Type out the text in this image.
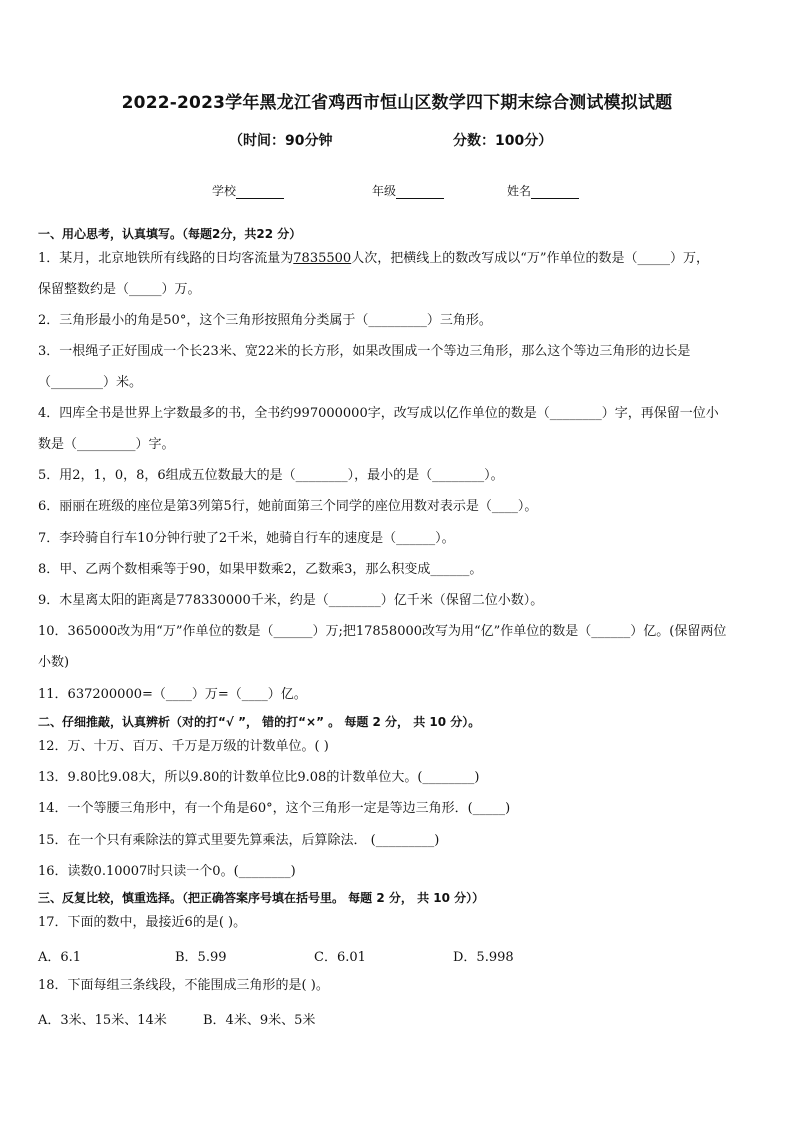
2022-2023学年黑龙江省鸡西市恒山区数学四下期末综合测试模拟试题
（时间：90分钟	分数：100分）
学校	年级	姓名
一、用心思考，认真填写。（每题2分，共22 分）
1．某月，北京地铁所有线路的日均客流量为7835500人次，把横线上的数改写成以“万”作单位的数是（_____）万，
保留整数约是（_____）万。
2．三角形最小的角是50°，这个三角形按照角分类属于（_________）三角形。
3．一根绳子正好围成一个长23米、宽22米的长方形，如果改围成一个等边三角形，那么这个等边三角形的边长是
（________）米。
4．四库全书是世界上字数最多的书，全书约997000000字，改写成以亿作单位的数是（________）字，再保留一位小
数是（_________）字。
5．用2，1，0，8，6组成五位数最大的是（________），最小的是（________）。
6．丽丽在班级的座位是第3列第5行，她前面第三个同学的座位用数对表示是（____）。
7．李玲骑自行车10分钟行驶了2千米，她骑自行车的速度是（______）。
8．甲、乙两个数相乘等于90，如果甲数乘2，乙数乘3，那么积变成______。
9．木星离太阳的距离是778330000千米，约是（________）亿千米（保留二位小数）。
10．365000改为用“万”作单位的数是（______）万;把17858000改写为用“亿”作单位的数是（______）亿。(保留两位
小数)
11．637200000=（____）万=（____）亿。
二、仔细推敲，认真辨析（对的打“√ ”， 错的打“×” 。 每题 2 分， 共 10 分）。
12．万、十万、百万、千万是万级的计数单位。( )
13．9.80比9.08大，所以9.80的计数单位比9.08的计数单位大。(________)
14．一个等腰三角形中，有一个角是60°，这个三角形一定是等边三角形．(_____)
15．在一个只有乘除法的算式里要先算乘法，后算除法． (_________)
16．读数0.10007时只读一个0。(________)
三、反复比较，慎重选择。（把正确答案序号填在括号里。 每题 2 分， 共 10 分））
17．下面的数中，最接近6的是( )。
A．6.1	B．5.99	C．6.01	D．5.998
18．下面每组三条线段，不能围成三角形的是( )。
A．3米、15米、14米	B．4米、9米、5米
